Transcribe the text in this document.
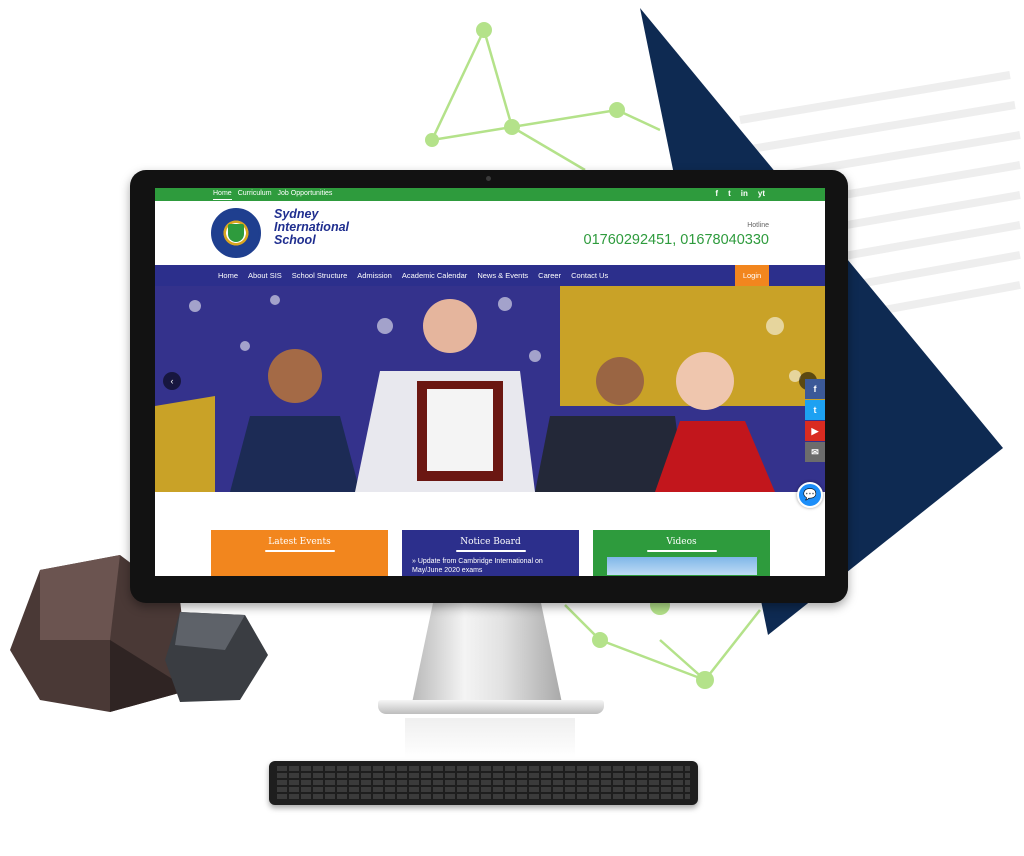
Home Curriculum Job Opportunities	f t in yt
Sydney
International
School
Hotline
01760292451, 01678040330
Home	About SIS	School Structure	Admission	Academic Calendar	News & Events	Career	Contact Us	Login
‹
f
t
▶
✉
Latest Events	Notice Board
» Update from Cambridge International on May/June 2020 exams
Videos
💬
